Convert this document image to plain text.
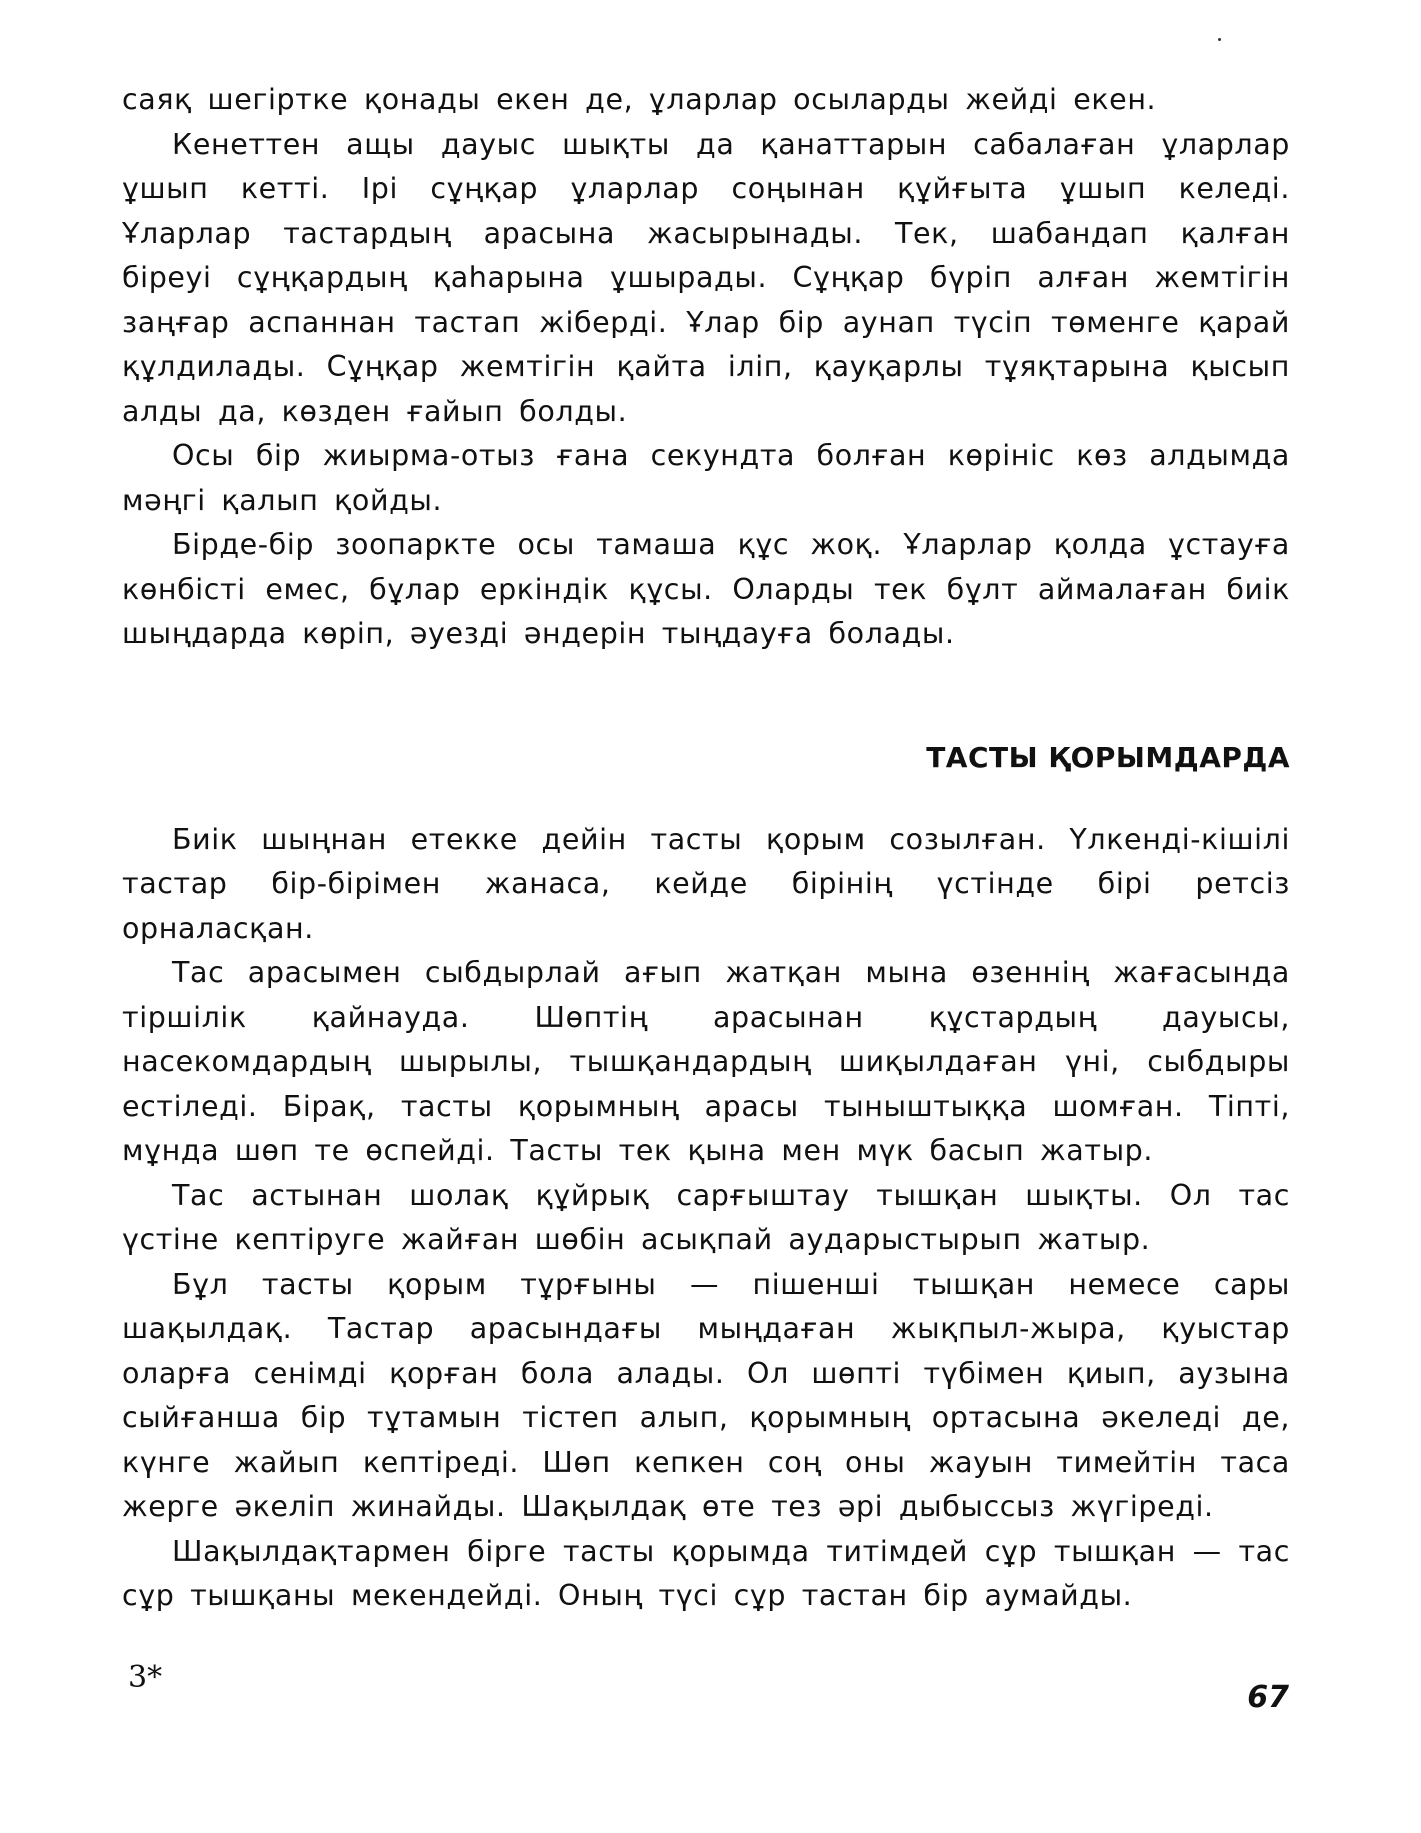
саяқ шегіртке қонады екен де, ұларлар осыларды жейді екен.

Кенеттен ащы дауыс шықты да қанаттарын сабалаған ұларлар ұшып кетті. Ірі сұңқар ұларлар соңынан құйғыта ұшып келеді. Ұларлар тастардың арасына жасырынады. Тек, шабандап қалған біреуі сұңқардың қаһарына ұшырады. Сұңқар бүріп алған жемтігін заңғар аспаннан тастап жіберді. Ұлар бір аунап түсіп төменге қарай құлдилады. Сұңқар жемтігін қайта іліп, қауқарлы тұяқтарына қысып алды да, көзден ғайып болды.

Осы бір жиырма-отыз ғана секундта болған көрініс көз алдымда мәңгі қалып қойды.

Бірде-бір зоопаркте осы тамаша құс жоқ. Ұларлар қолда ұстауға көнбісті емес, бұлар еркіндік құсы. Оларды тек бұлт аймалаған биік шыңдарда көріп, әуезді әндерін тыңдауға болады.

ТАСТЫ ҚОРЫМДАРДА

Биік шыңнан етекке дейін тасты қорым созылған. Үлкенді-кішілі тастар бір-бірімен жанаса, кейде бірінің үстінде бірі ретсіз орналасқан.

Тас арасымен сыбдырлай ағып жатқан мына өзеннің жағасында тіршілік қайнауда. Шөптің арасынан құстардың дауысы, насекомдардың шырылы, тышқандардың шиқылдаған үні, сыбдыры естіледі. Бірақ, тасты қорымның арасы тыныштыққа шомған. Тіпті, мұнда шөп те өспейді. Тасты тек қына мен мүк басып жатыр.

Тас астынан шолақ құйрық сарғыштау тышқан шықты. Ол тас үстіне кептіруге жайған шөбін асықпай аударыстырып жатыр.

Бұл тасты қорым тұрғыны — пішенші тышқан немесе сары шақылдақ. Тастар арасындағы мыңдаған жықпыл-жыра, қуыстар оларға сенімді қорған бола алады. Ол шөпті түбімен қиып, аузына сыйғанша бір тұтамын тістеп алып, қорымның ортасына әкеледі де, күнге жайып кептіреді. Шөп кепкен соң оны жауын тимейтін таса жерге әкеліп жинайды. Шақылдақ өте тез әрі дыбыссыз жүгіреді.

Шақылдақтармен бірге тасты қорымда титімдей сұр тышқан — тас сұр тышқаны мекендейді. Оның түсі сұр тастан бір аумайды.

3*
67
